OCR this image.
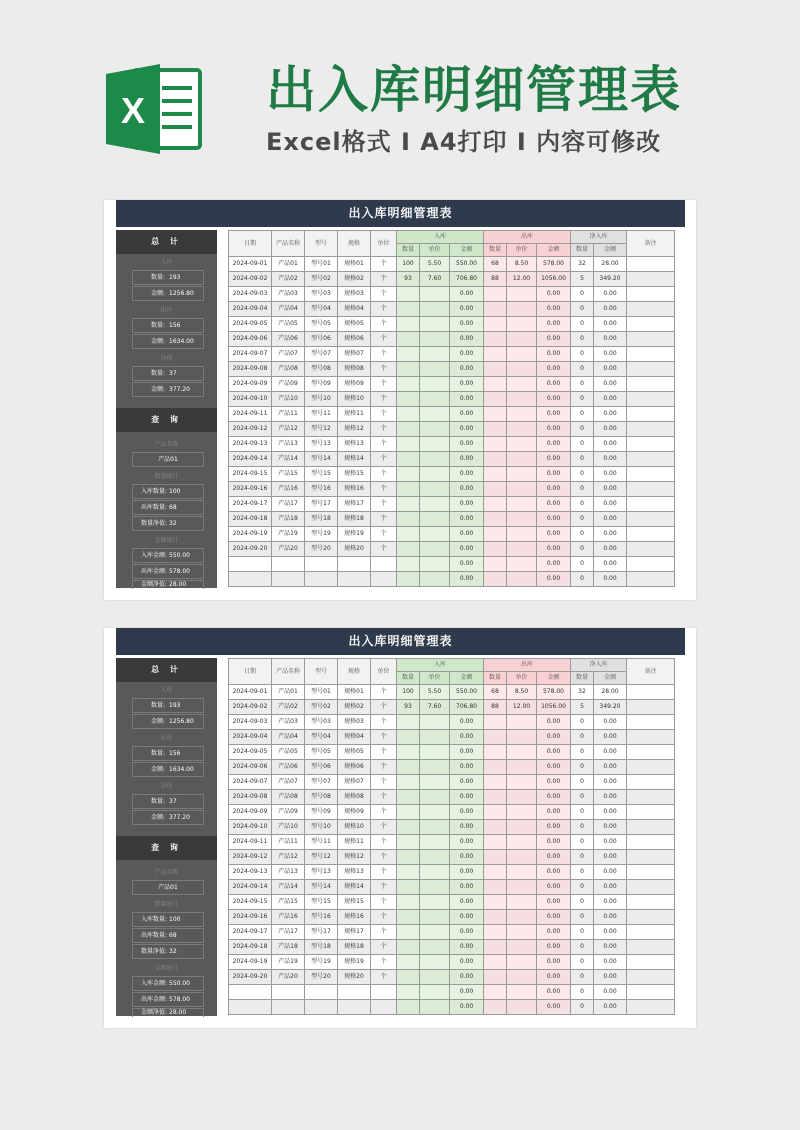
X 出入库明细管理表
Excel格式 I A4打印 I 内容可修改
出入库明细管理表
总 计
入库
数量: 193
金额: 1256.80
出库
数量: 156
金额: 1634.00
净值
数量: 37
金额: 377.20
查 询
产品名称
产品01
数量统计
入库数量: 100
出库数量: 68
数量净值: 32
金额统计
入库金额: 550.00
出库金额: 578.00
金额净值: 28.00
日期	产品名称	型号	规格	单位	入库			出库			净入库		备注
					数量	单价	金额	数量	单价	金额	数量	金额	
2024-09-01	产品01	型号01	规格01	个	100	5.50	550.00	68	8.50	578.00	32	28.00	
2024-09-02	产品02	型号02	规格02	个	93	7.60	706.80	88	12.00	1056.00	5	349.20	
2024-09-03	产品03	型号03	规格03	个			0.00			0.00	0	0.00	
2024-09-04	产品04	型号04	规格04	个			0.00			0.00	0	0.00	
2024-09-05	产品05	型号05	规格05	个			0.00			0.00	0	0.00	
2024-09-06	产品06	型号06	规格06	个			0.00			0.00	0	0.00	
2024-09-07	产品07	型号07	规格07	个			0.00			0.00	0	0.00	
2024-09-08	产品08	型号08	规格08	个			0.00			0.00	0	0.00	
2024-09-09	产品09	型号09	规格09	个			0.00			0.00	0	0.00	
2024-09-10	产品10	型号10	规格10	个			0.00			0.00	0	0.00	
2024-09-11	产品11	型号11	规格11	个			0.00			0.00	0	0.00	
2024-09-12	产品12	型号12	规格12	个			0.00			0.00	0	0.00	
2024-09-13	产品13	型号13	规格13	个			0.00			0.00	0	0.00	
2024-09-14	产品14	型号14	规格14	个			0.00			0.00	0	0.00	
2024-09-15	产品15	型号15	规格15	个			0.00			0.00	0	0.00	
2024-09-16	产品16	型号16	规格16	个			0.00			0.00	0	0.00	
2024-09-17	产品17	型号17	规格17	个			0.00			0.00	0	0.00	
2024-09-18	产品18	型号18	规格18	个			0.00			0.00	0	0.00	
2024-09-19	产品19	型号19	规格19	个			0.00			0.00	0	0.00	
2024-09-20	产品20	型号20	规格20	个			0.00			0.00	0	0.00	
							0.00			0.00	0	0.00	
							0.00			0.00	0	0.00	
出入库明细管理表
总 计
入库
数量: 193
金额: 1256.80
出库
数量: 156
金额: 1634.00
净值
数量: 37
金额: 377.20
查 询
产品名称
产品01
数量统计
入库数量: 100
出库数量: 68
数量净值: 32
金额统计
入库金额: 550.00
出库金额: 578.00
金额净值: 28.00
日期	产品名称	型号	规格	单位	入库			出库			净入库		备注
					数量	单价	金额	数量	单价	金额	数量	金额	
2024-09-01	产品01	型号01	规格01	个	100	5.50	550.00	68	8.50	578.00	32	28.00	
2024-09-02	产品02	型号02	规格02	个	93	7.60	706.80	88	12.00	1056.00	5	349.20	
2024-09-03	产品03	型号03	规格03	个			0.00			0.00	0	0.00	
2024-09-04	产品04	型号04	规格04	个			0.00			0.00	0	0.00	
2024-09-05	产品05	型号05	规格05	个			0.00			0.00	0	0.00	
2024-09-06	产品06	型号06	规格06	个			0.00			0.00	0	0.00	
2024-09-07	产品07	型号07	规格07	个			0.00			0.00	0	0.00	
2024-09-08	产品08	型号08	规格08	个			0.00			0.00	0	0.00	
2024-09-09	产品09	型号09	规格09	个			0.00			0.00	0	0.00	
2024-09-10	产品10	型号10	规格10	个			0.00			0.00	0	0.00	
2024-09-11	产品11	型号11	规格11	个			0.00			0.00	0	0.00	
2024-09-12	产品12	型号12	规格12	个			0.00			0.00	0	0.00	
2024-09-13	产品13	型号13	规格13	个			0.00			0.00	0	0.00	
2024-09-14	产品14	型号14	规格14	个			0.00			0.00	0	0.00	
2024-09-15	产品15	型号15	规格15	个			0.00			0.00	0	0.00	
2024-09-16	产品16	型号16	规格16	个			0.00			0.00	0	0.00	
2024-09-17	产品17	型号17	规格17	个			0.00			0.00	0	0.00	
2024-09-18	产品18	型号18	规格18	个			0.00			0.00	0	0.00	
2024-09-19	产品19	型号19	规格19	个			0.00			0.00	0	0.00	
2024-09-20	产品20	型号20	规格20	个			0.00			0.00	0	0.00	
							0.00			0.00	0	0.00	
							0.00			0.00	0	0.00	
